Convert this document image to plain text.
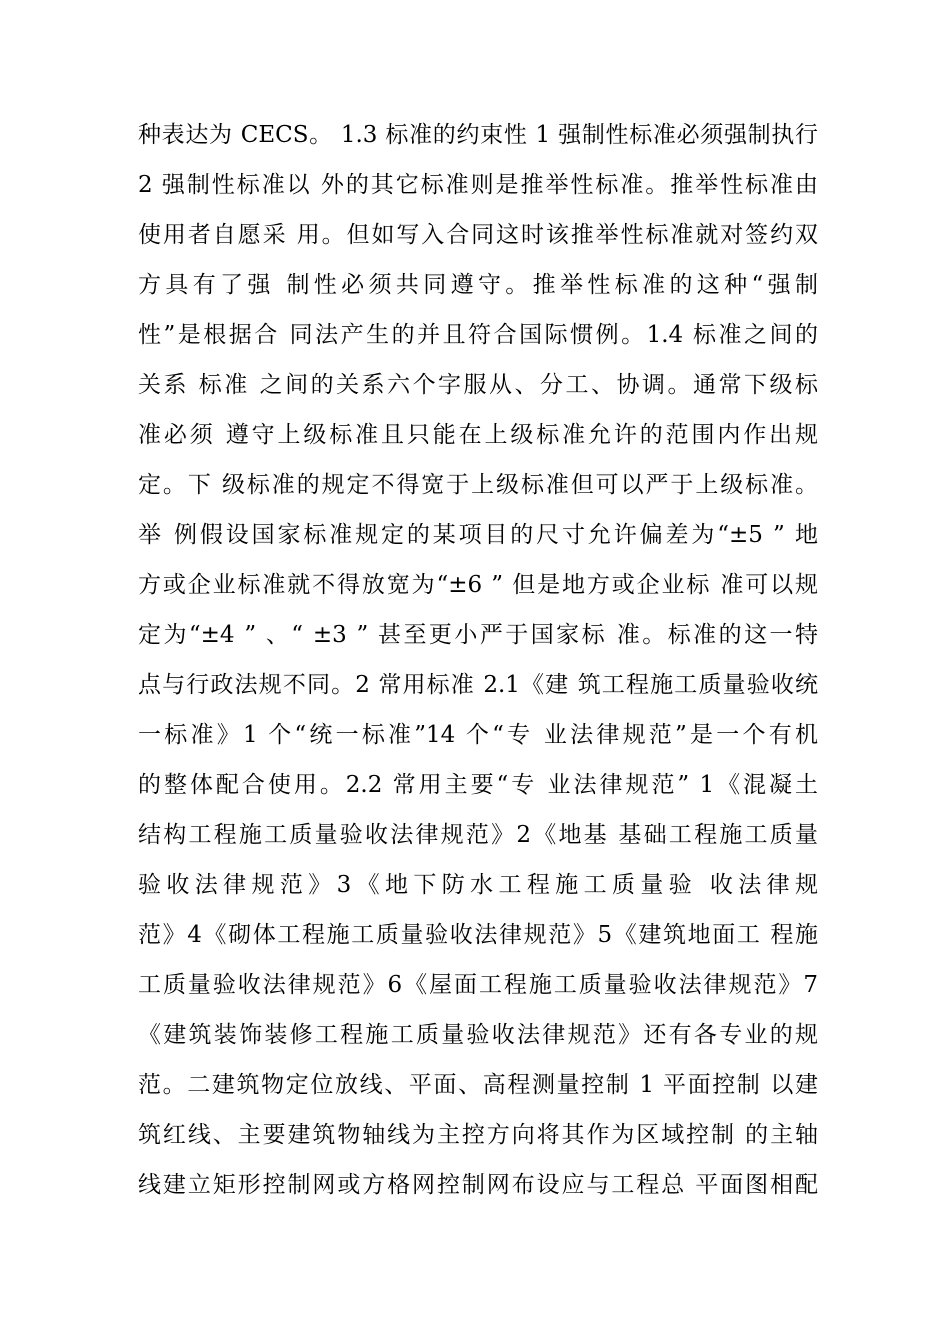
种表达为 CECS。 1.3 标准的约束性 1 强制性标准必须强制执行
2 强制性标准以 外的其它标准则是推举性标准。推举性标准由
使用者自愿采 用。但如写入合同这时该推举性标准就对签约双
方具有了强 制性必须共同遵守。推举性标准的这种“强制
性”是根据合 同法产生的并且符合国际惯例。1.4 标准之间的
关系 标准 之间的关系六个字服从、分工、协调。通常下级标
准必须 遵守上级标准且只能在上级标准允许的范围内作出规
定。下 级标准的规定不得宽于上级标准但可以严于上级标准。
举 例假设国家标准规定的某项目的尺寸允许偏差为“±5 ” 地
方或企业标准就不得放宽为“±6 ” 但是地方或企业标 准可以规
定为“±4 ” 、“ ±3 ” 甚至更小严于国家标 准。标准的这一特
点与行政法规不同。2 常用标准 2.1《建 筑工程施工质量验收统
一标准》1 个“统一标准”14 个“专 业法律规范”是一个有机
的整体配合使用。2.2 常用主要“专 业法律规范” 1《混凝土
结构工程施工质量验收法律规范》2《地基 基础工程施工质量
验收法律规范》3《地下防水工程施工质量验 收法律规
范》4《砌体工程施工质量验收法律规范》5《建筑地面工 程施
工质量验收法律规范》6《屋面工程施工质量验收法律规范》7
《建筑装饰装修工程施工质量验收法律规范》还有各专业的规
范。二建筑物定位放线、平面、高程测量控制 1 平面控制 以建
筑红线、主要建筑物轴线为主控方向将其作为区域控制 的主轴
线建立矩形控制网或方格网控制网布设应与工程总 平面图相配
